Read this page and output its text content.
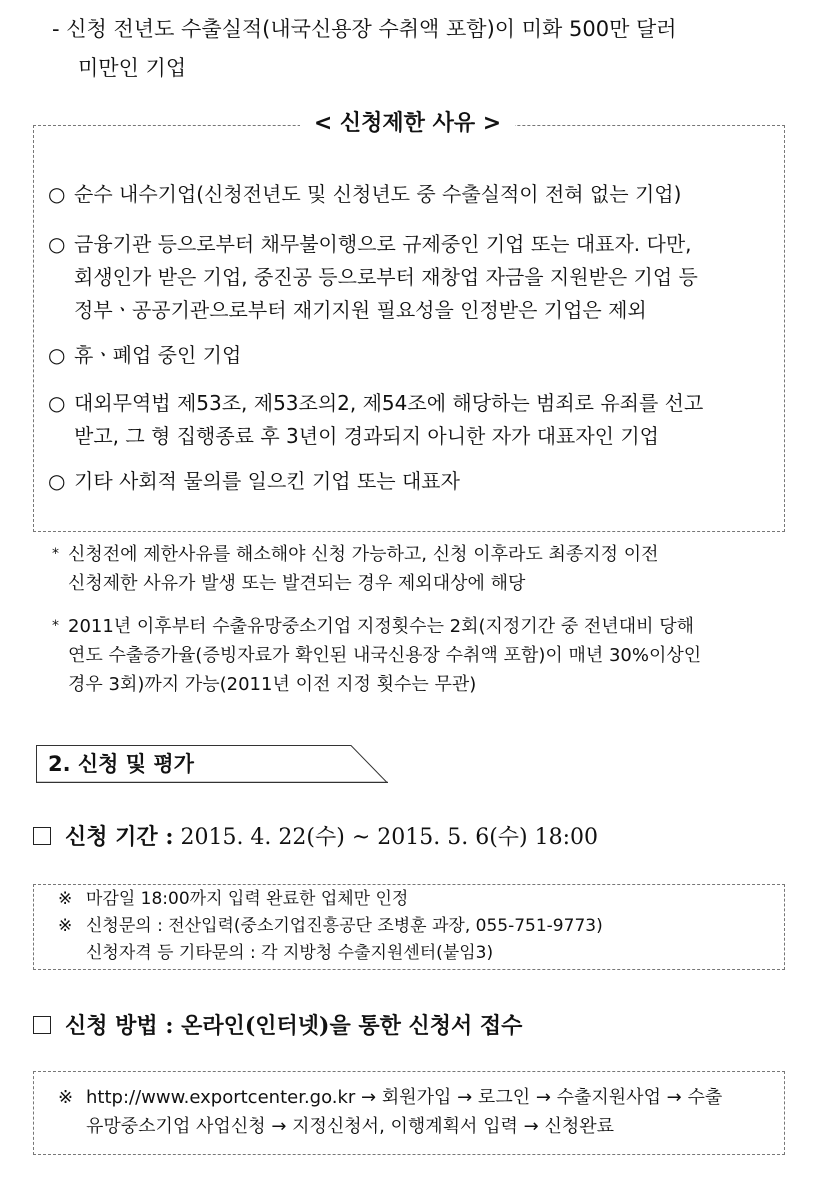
- 신청 전년도 수출실적(내국신용장 수취액 포함)이 미화 500만 달러
미만인 기업
< 신청제한 사유 >
○ 순수 내수기업(신청전년도 및 신청년도 중 수출실적이 전혀 없는 기업)
○ 금융기관 등으로부터 채무불이행으로 규제중인 기업 또는 대표자. 다만,
회생인가 받은 기업, 중진공 등으로부터 재창업 자금을 지원받은 기업 등
정부ㆍ공공기관으로부터 재기지원 필요성을 인정받은 기업은 제외
○ 휴ㆍ폐업 중인 기업
○ 대외무역법 제53조, 제53조의2, 제54조에 해당하는 범죄로 유죄를 선고
받고, 그 형 집행종료 후 3년이 경과되지 아니한 자가 대표자인 기업
○ 기타 사회적 물의를 일으킨 기업 또는 대표자
* 신청전에 제한사유를 해소해야 신청 가능하고, 신청 이후라도 최종지정 이전
신청제한 사유가 발생 또는 발견되는 경우 제외대상에 해당
* 2011년 이후부터 수출유망중소기업 지정횟수는 2회(지정기간 중 전년대비 당해
연도 수출증가율(증빙자료가 확인된 내국신용장 수취액 포함)이 매년 30%이상인
경우 3회)까지 가능(2011년 이전 지정 횟수는 무관)
2. 신청 및 평가
신청 기간 : 2015. 4. 22(수) ~ 2015. 5. 6(수) 18:00
※ 마감일 18:00까지 입력 완료한 업체만 인정
※ 신청문의 : 전산입력(중소기업진흥공단 조병훈 과장, 055-751-9773)
신청자격 등 기타문의 : 각 지방청 수출지원센터(붙임3)
신청 방법 : 온라인(인터넷)을 통한 신청서 접수
※ http://www.exportcenter.go.kr → 회원가입 → 로그인 → 수출지원사업 → 수출
유망중소기업 사업신청 → 지정신청서, 이행계획서 입력 → 신청완료
